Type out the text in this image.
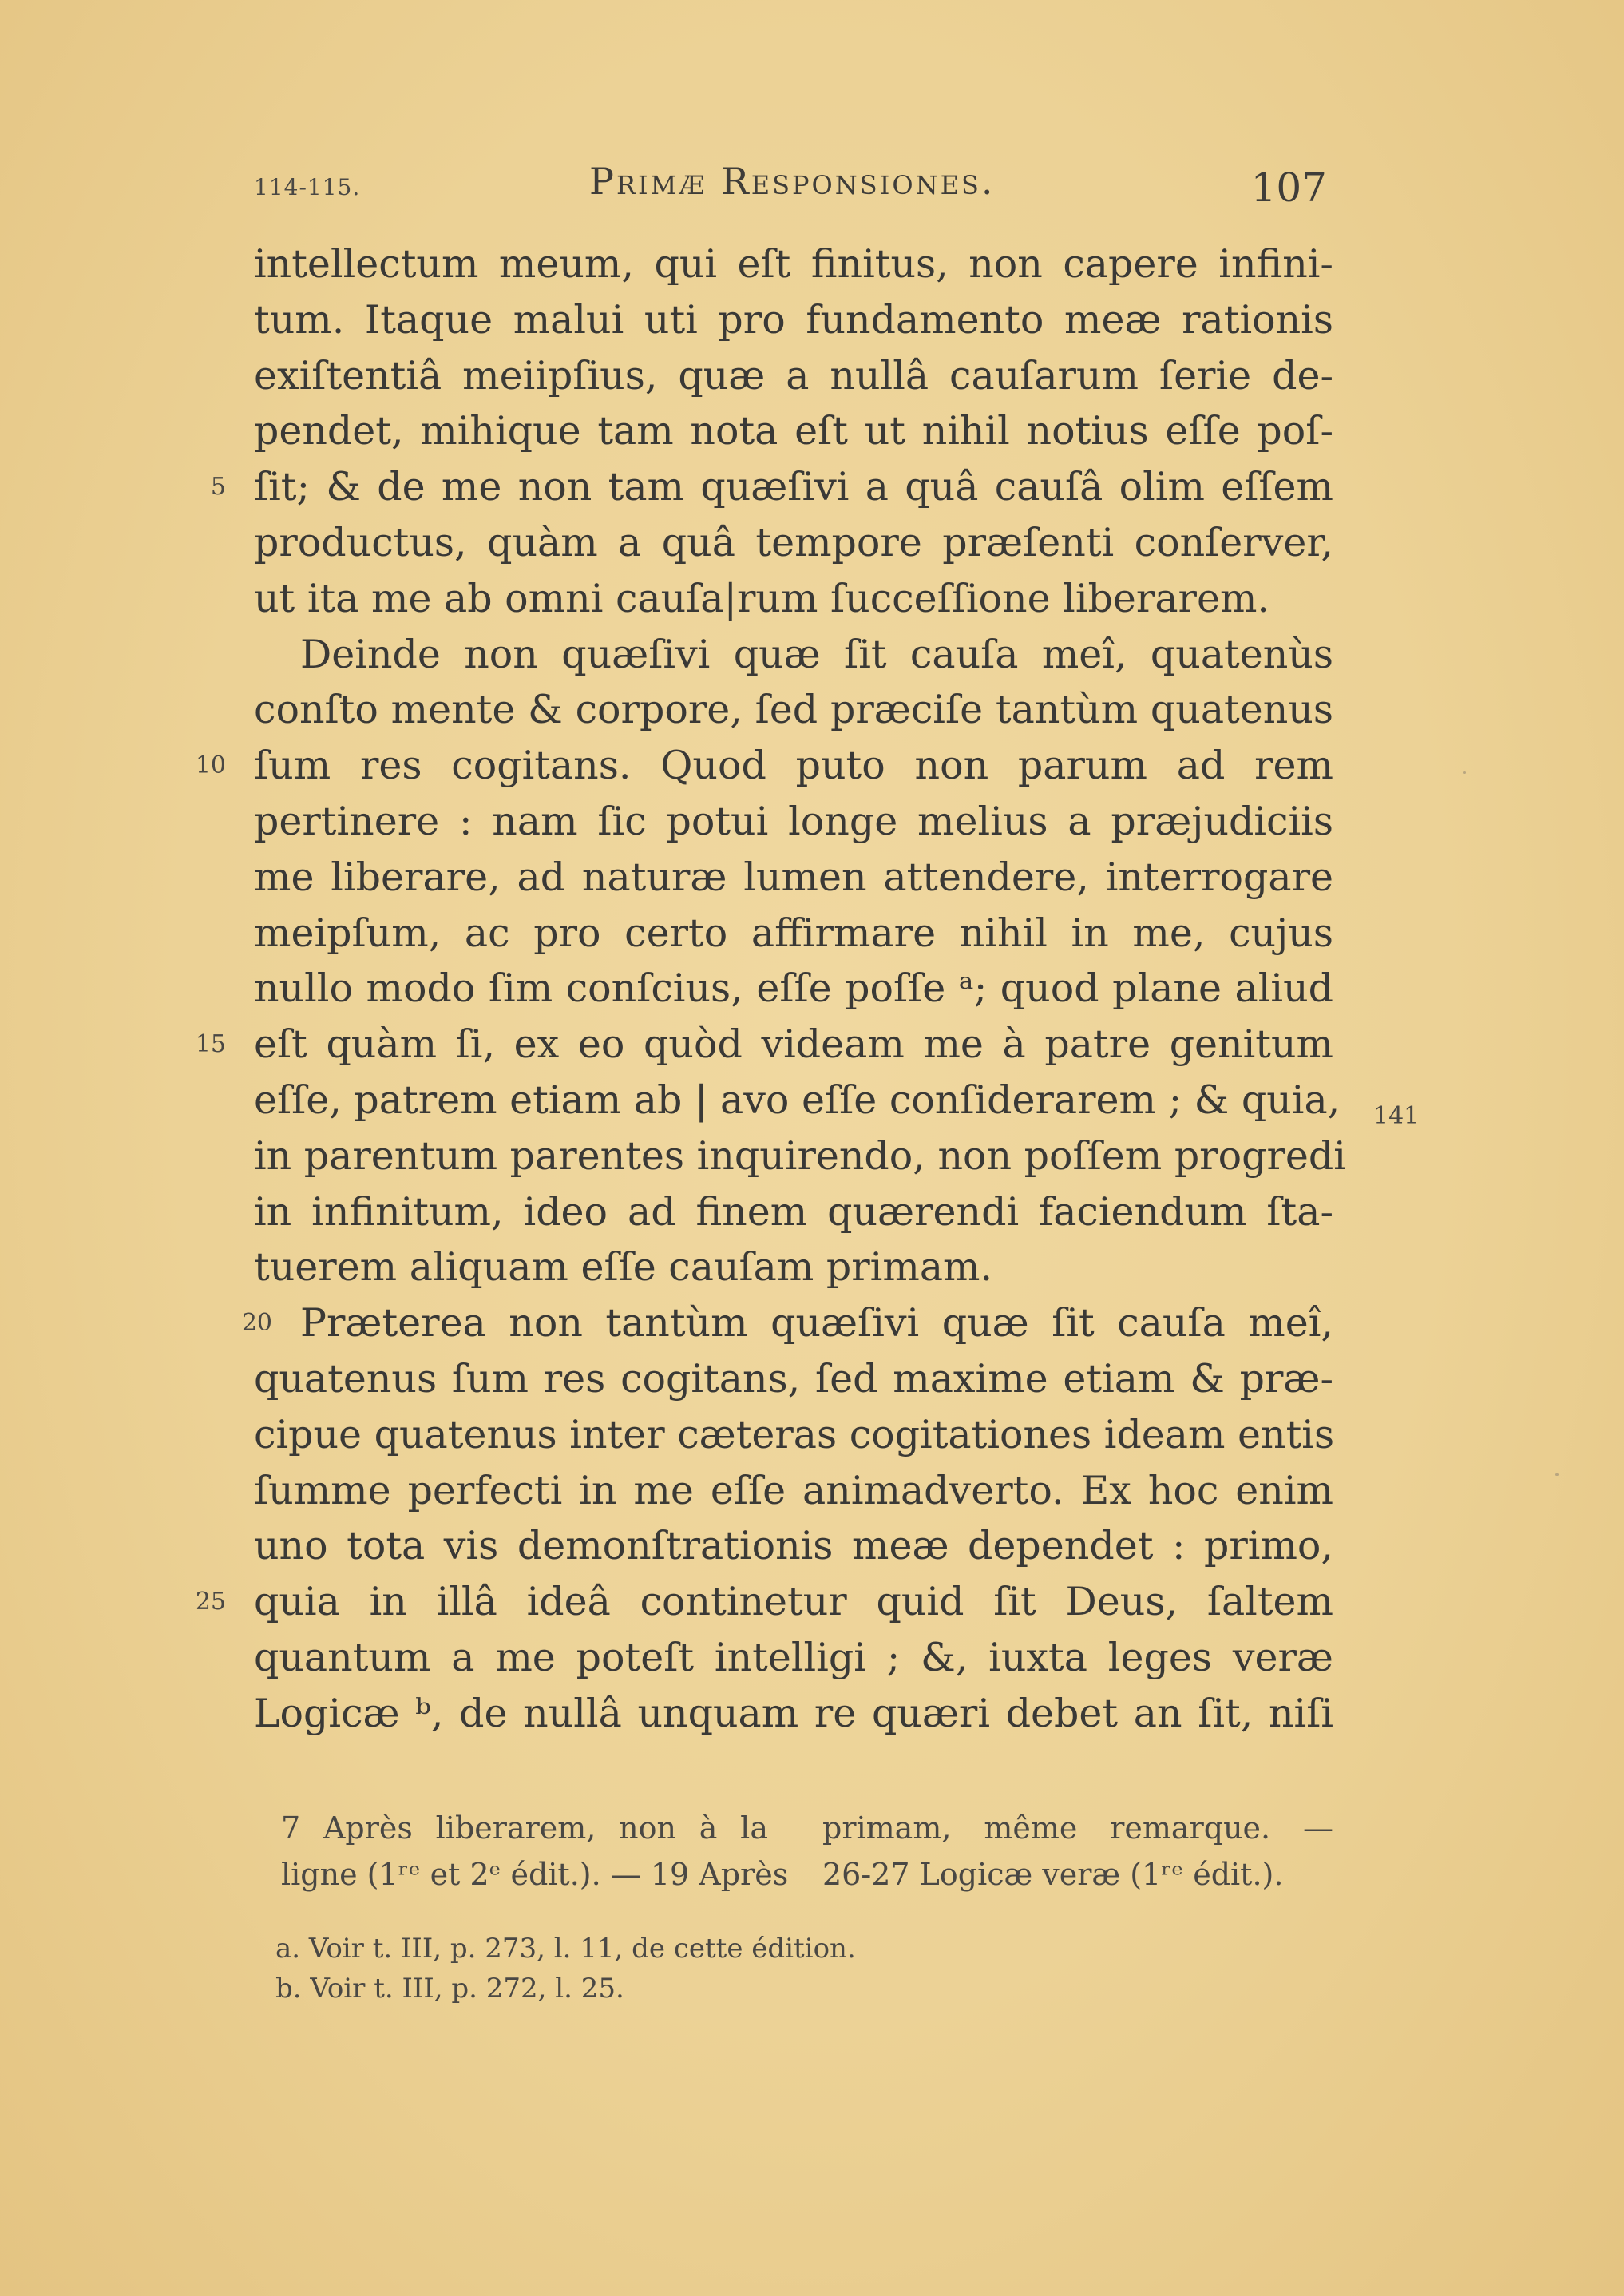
114-115.	Primæ Responsiones.	107
intellectum meum, qui eſt finitus, non capere infini-
tum. Itaque malui uti pro fundamento meæ rationis
exiſtentiâ meiipſius, quæ a nullâ cauſarum ſerie de-
pendet, mihique tam nota eſt ut nihil notius eſſe poſ-
5 ſit; & de me non tam quæſivi a quâ cauſâ olim eſſem
productus, quàm a quâ tempore præſenti conſerver,
ut ita me ab omni cauſa|rum ſucceſſione liberarem.
Deinde non quæſivi quæ ſit cauſa meî, quatenùs
conſto mente & corpore, ſed præciſe tantùm quatenus
10 ſum res cogitans. Quod puto non parum ad rem
pertinere : nam ſic potui longe melius a præjudiciis
me liberare, ad naturæ lumen attendere, interrogare
meipſum, ac pro certo affirmare nihil in me, cujus
nullo modo ſim conſcius, eſſe poſſe ᵃ; quod plane aliud
15 eſt quàm ſi, ex eo quòd videam me à patre genitum
eſſe, patrem etiam ab | avo eſſe conſiderarem ; & quia,
in parentum parentes inquirendo, non poſſem progredi
in infinitum, ideo ad finem quærendi faciendum ſta-
tuerem aliquam eſſe cauſam primam.
20 Præterea non tantùm quæſivi quæ ſit cauſa meî,
quatenus ſum res cogitans, ſed maxime etiam & præ-
cipue quatenus inter cæteras cogitationes ideam entis
ſumme perfecti in me eſſe animadverto. Ex hoc enim
uno tota vis demonſtrationis meæ dependet : primo,
25 quia in illâ ideâ continetur quid ſit Deus, ſaltem
quantum a me poteſt intelligi ; &, iuxta leges veræ
Logicæ ᵇ, de nullâ unquam re quæri debet an ſit, niſi
141
7 Après liberarem, non à la
ligne (1ʳᵉ et 2ᵉ édit.). — 19 Après
primam, même remarque. —
26-27 Logicæ veræ (1ʳᵉ édit.).
a. Voir t. III, p. 273, l. 11, de cette édition.
b. Voir t. III, p. 272, l. 25.
